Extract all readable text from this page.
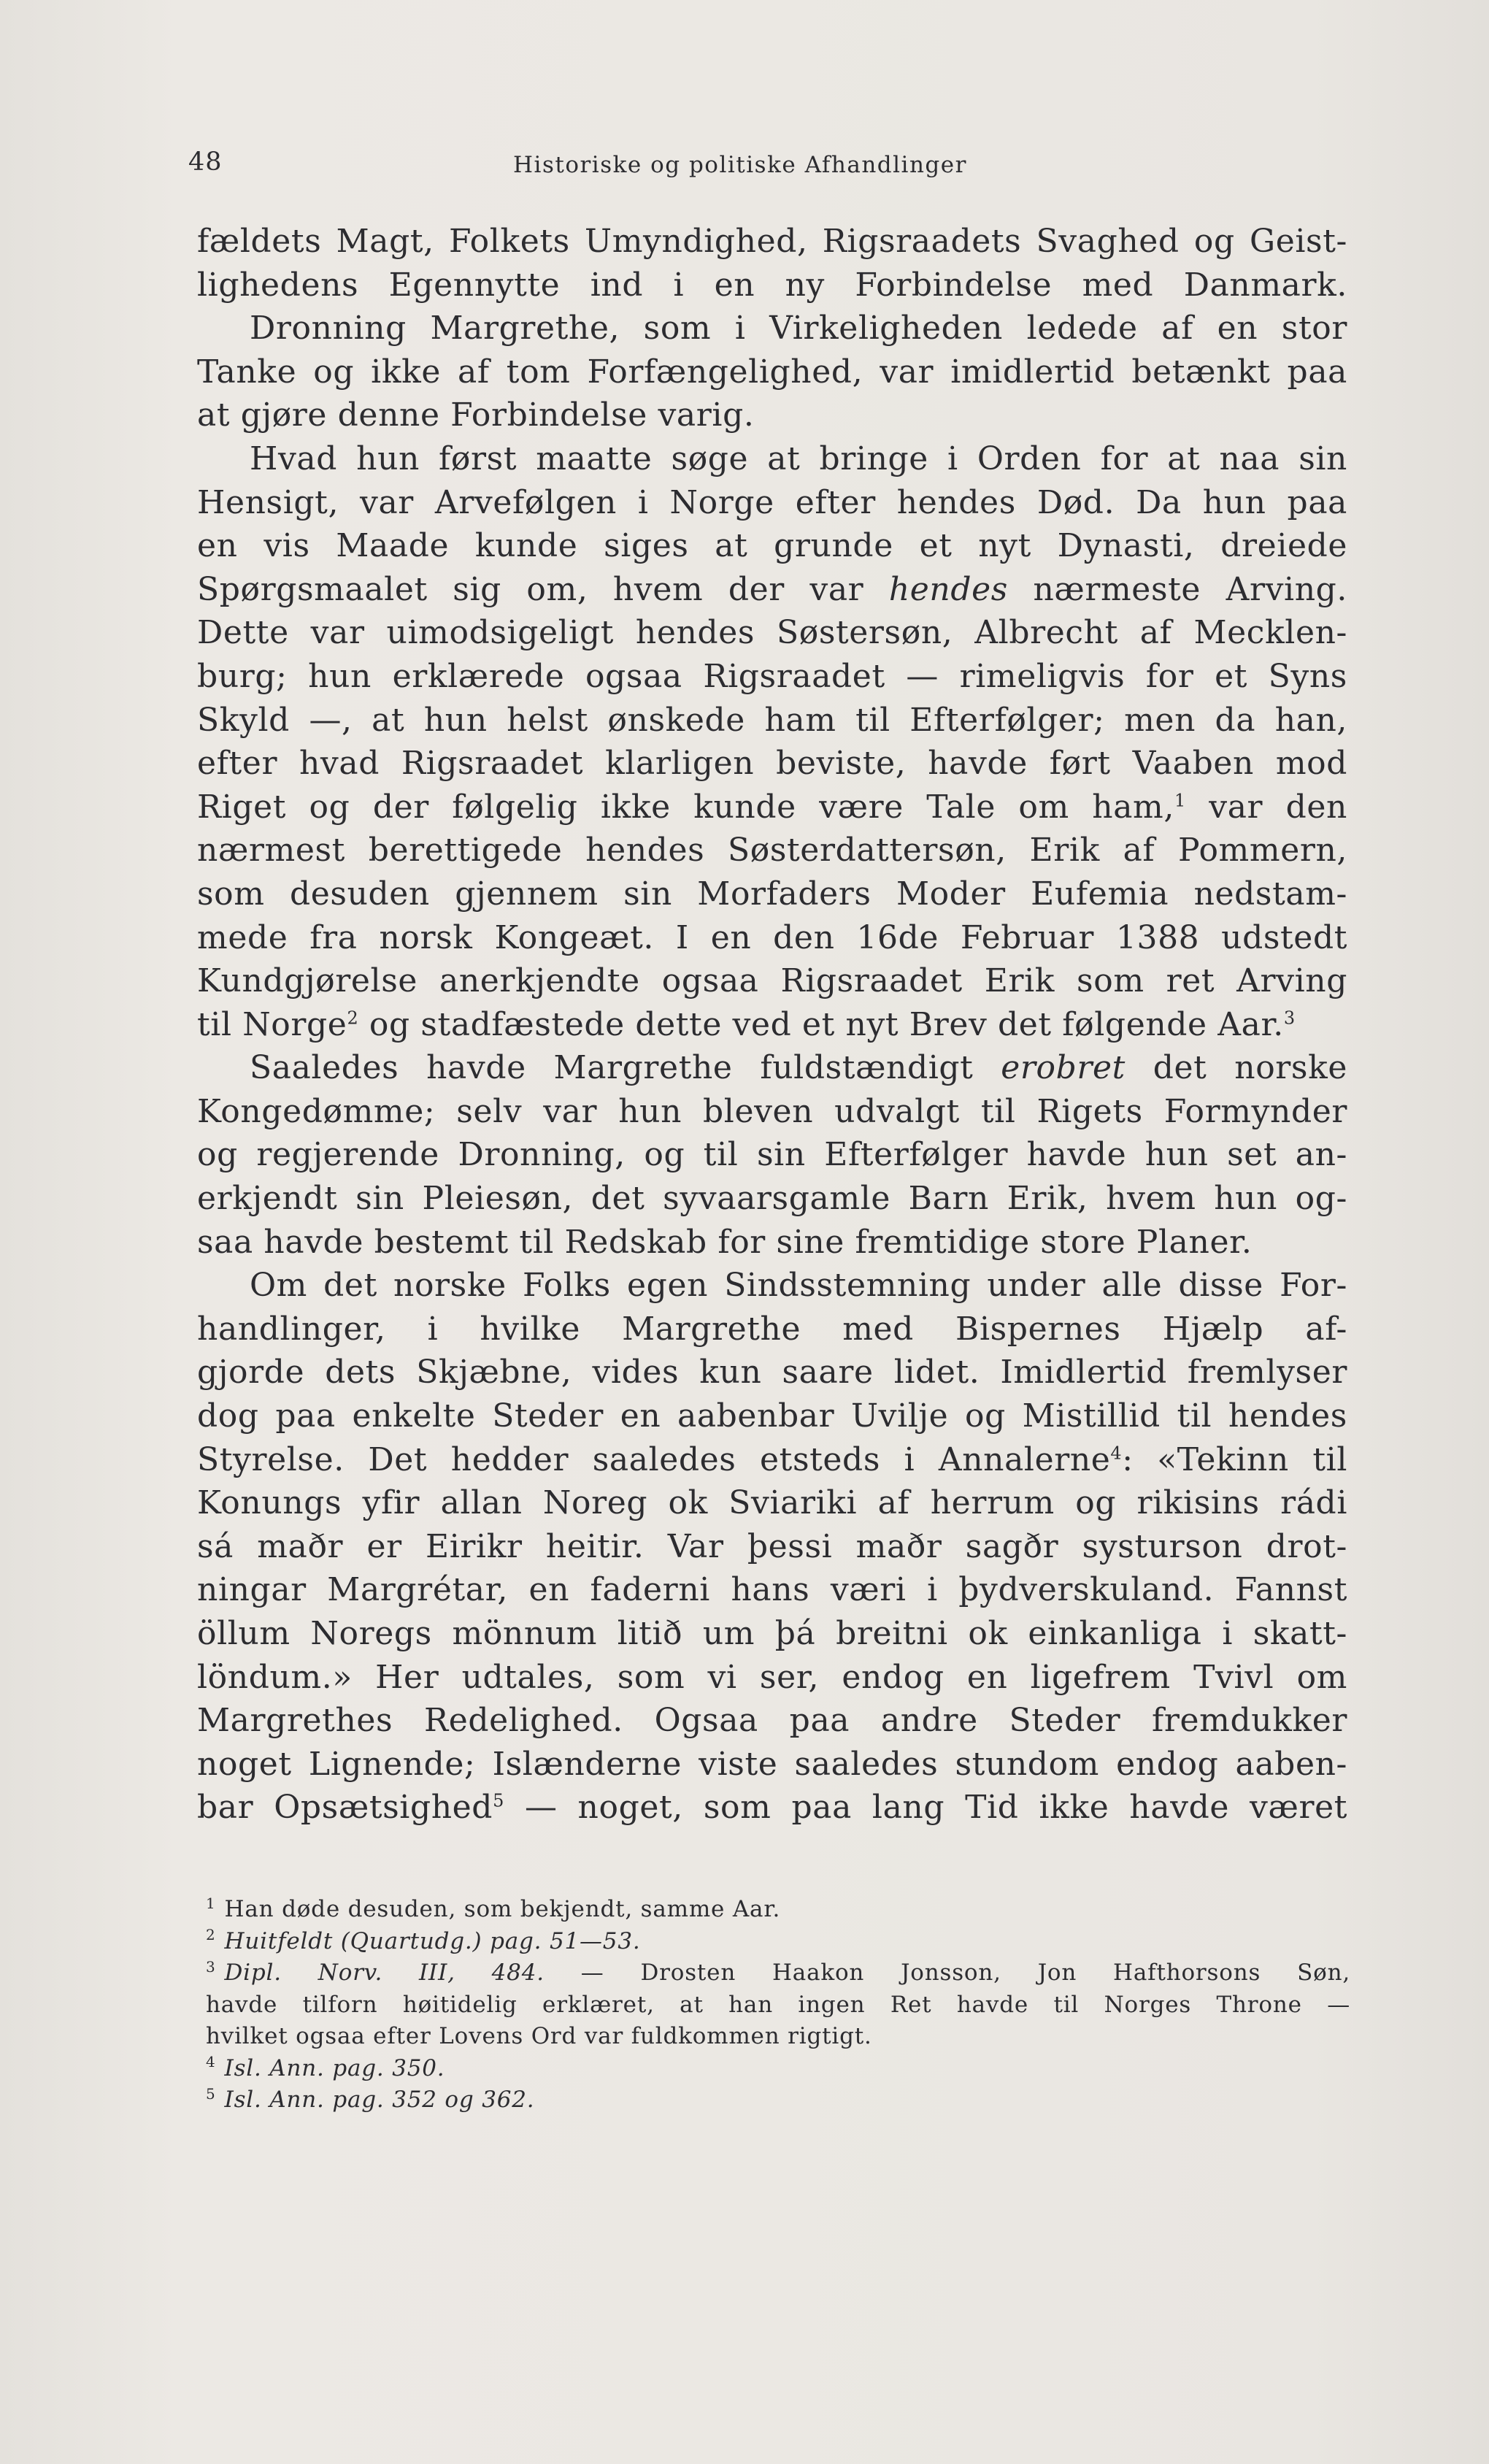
48	Historiske og politiske Afhandlinger
fældets Magt, Folkets Umyndighed, Rigsraadets Svaghed og Geist-
lighedens Egennytte ind i en ny Forbindelse med Danmark.
Dronning Margrethe, som i Virkeligheden ledede af en stor
Tanke og ikke af tom Forfængelighed, var imidlertid betænkt paa
at gjøre denne Forbindelse varig.
Hvad hun først maatte søge at bringe i Orden for at naa sin
Hensigt, var Arvefølgen i Norge efter hendes Død. Da hun paa
en vis Maade kunde siges at grunde et nyt Dynasti, dreiede
Spørgsmaalet sig om, hvem der var hendes nærmeste Arving.
Dette var uimodsigeligt hendes Søstersøn, Albrecht af Mecklen-
burg; hun erklærede ogsaa Rigsraadet — rimeligvis for et Syns
Skyld —, at hun helst ønskede ham til Efterfølger; men da han,
efter hvad Rigsraadet klarligen beviste, havde ført Vaaben mod
Riget og der følgelig ikke kunde være Tale om ham,$^1$ var den
nærmest berettigede hendes Søsterdattersøn, Erik af Pommern,
som desuden gjennem sin Morfaders Moder Eufemia nedstam-
mede fra norsk Kongeæt. I en den 16de Februar 1388 udstedt
Kundgjørelse anerkjendte ogsaa Rigsraadet Erik som ret Arving
til Norge$^2$ og stadfæstede dette ved et nyt Brev det følgende Aar.$^3$
Saaledes havde Margrethe fuldstændigt erobret det norske
Kongedømme; selv var hun bleven udvalgt til Rigets Formynder
og regjerende Dronning, og til sin Efterfølger havde hun set an-
erkjendt sin Pleiesøn, det syvaarsgamle Barn Erik, hvem hun og-
saa havde bestemt til Redskab for sine fremtidige store Planer.
Om det norske Folks egen Sindsstemning under alle disse For-
handlinger, i hvilke Margrethe med Bispernes Hjælp af-
gjorde dets Skjæbne, vides kun saare lidet. Imidlertid fremlyser
dog paa enkelte Steder en aabenbar Uvilje og Mistillid til hendes
Styrelse. Det hedder saaledes etsteds i Annalerne$^4$: «Tekinn til
Konungs yfir allan Noreg ok Sviariki af herrum og rikisins rádi
sá maðr er Eirikr heitir. Var þessi maðr sagðr systurson drot-
ningar Margrétar, en faderni hans væri i þydverskuland. Fannst
öllum Noregs mönnum litið um þá breitni ok einkanliga i skatt-
löndum.» Her udtales, som vi ser, endog en ligefrem Tvivl om
Margrethes Redelighed. Ogsaa paa andre Steder fremdukker
noget Lignende; Islænderne viste saaledes stundom endog aaben-
bar Opsætsighed$^5$ — noget, som paa lang Tid ikke havde været
$^1$ Han døde desuden, som bekjendt, samme Aar.
$^2$ Huitfeldt (Quartudg.) pag. 51—53.
$^3$ Dipl. Norv. III, 484. — Drosten Haakon Jonsson, Jon Hafthorsons Søn,
havde tilforn høitidelig erklæret, at han ingen Ret havde til Norges Throne —
hvilket ogsaa efter Lovens Ord var fuldkommen rigtigt.
$^4$ Isl. Ann. pag. 350.
$^5$ Isl. Ann. pag. 352 og 362.
